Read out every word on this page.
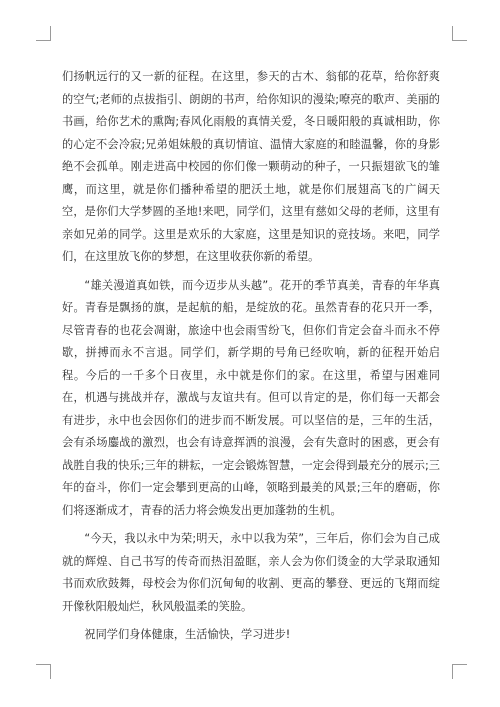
们扬帆远行的又一新的征程。在这里，参天的古木、翁郁的花草，给你舒爽的空气;老师的点拔指引、朗朗的书声，给你知识的漫染;嘹亮的歌声、美丽的书画，给你艺术的熏陶;春风化雨般的真情关爱，冬日暖阳般的真诚相助，你的心定不会冷寂;兄弟姐妹般的真切情谊、温情大家庭的和睦温馨，你的身影绝不会孤单。刚走进高中校园的你们像一颗萌动的种子，一只振翅欲飞的雏鹰，而这里，就是你们播种希望的肥沃土地，就是你们展翅高飞的广阔天空，是你们大学梦圆的圣地!来吧，同学们，这里有慈如父母的老师，这里有亲如兄弟的同学。这里是欢乐的大家庭，这里是知识的竞技场。来吧，同学们，在这里放飞你的梦想，在这里收获你新的希望。

“雄关漫道真如铁，而今迈步从头越”。花开的季节真美，青春的年华真好。青春是飘扬的旗，是起航的船，是绽放的花。虽然青春的花只开一季，尽管青春的也花会凋谢，旅途中也会雨雪纷飞，但你们肯定会奋斗而永不停歇，拼搏而永不言退。同学们，新学期的号角已经吹响，新的征程开始启程。今后的一千多个日夜里，永中就是你们的家。在这里，希望与困难同在，机遇与挑战并存，激战与友谊共有。但可以肯定的是，你们每一天都会有进步，永中也会因你们的进步而不断发展。可以坚信的是，三年的生活，会有杀场鏖战的激烈，也会有诗意挥洒的浪漫，会有失意时的困惑，更会有战胜自我的快乐;三年的耕耘，一定会锻炼智慧，一定会得到最充分的展示;三年的奋斗，你们一定会攀到更高的山峰，领略到最美的风景;三年的磨砺，你们将逐渐成才，青春的活力将会焕发出更加蓬勃的生机。

“今天，我以永中为荣;明天，永中以我为荣”，三年后，你们会为自己成就的辉煌、自己书写的传奇而热泪盈眶，亲人会为你们烫金的大学录取通知书而欢欣鼓舞，母校会为你们沉甸甸的收割、更高的攀登、更远的飞翔而绽开像秋阳般灿烂，秋风般温柔的笑脸。

祝同学们身体健康，生活愉快，学习进步!
